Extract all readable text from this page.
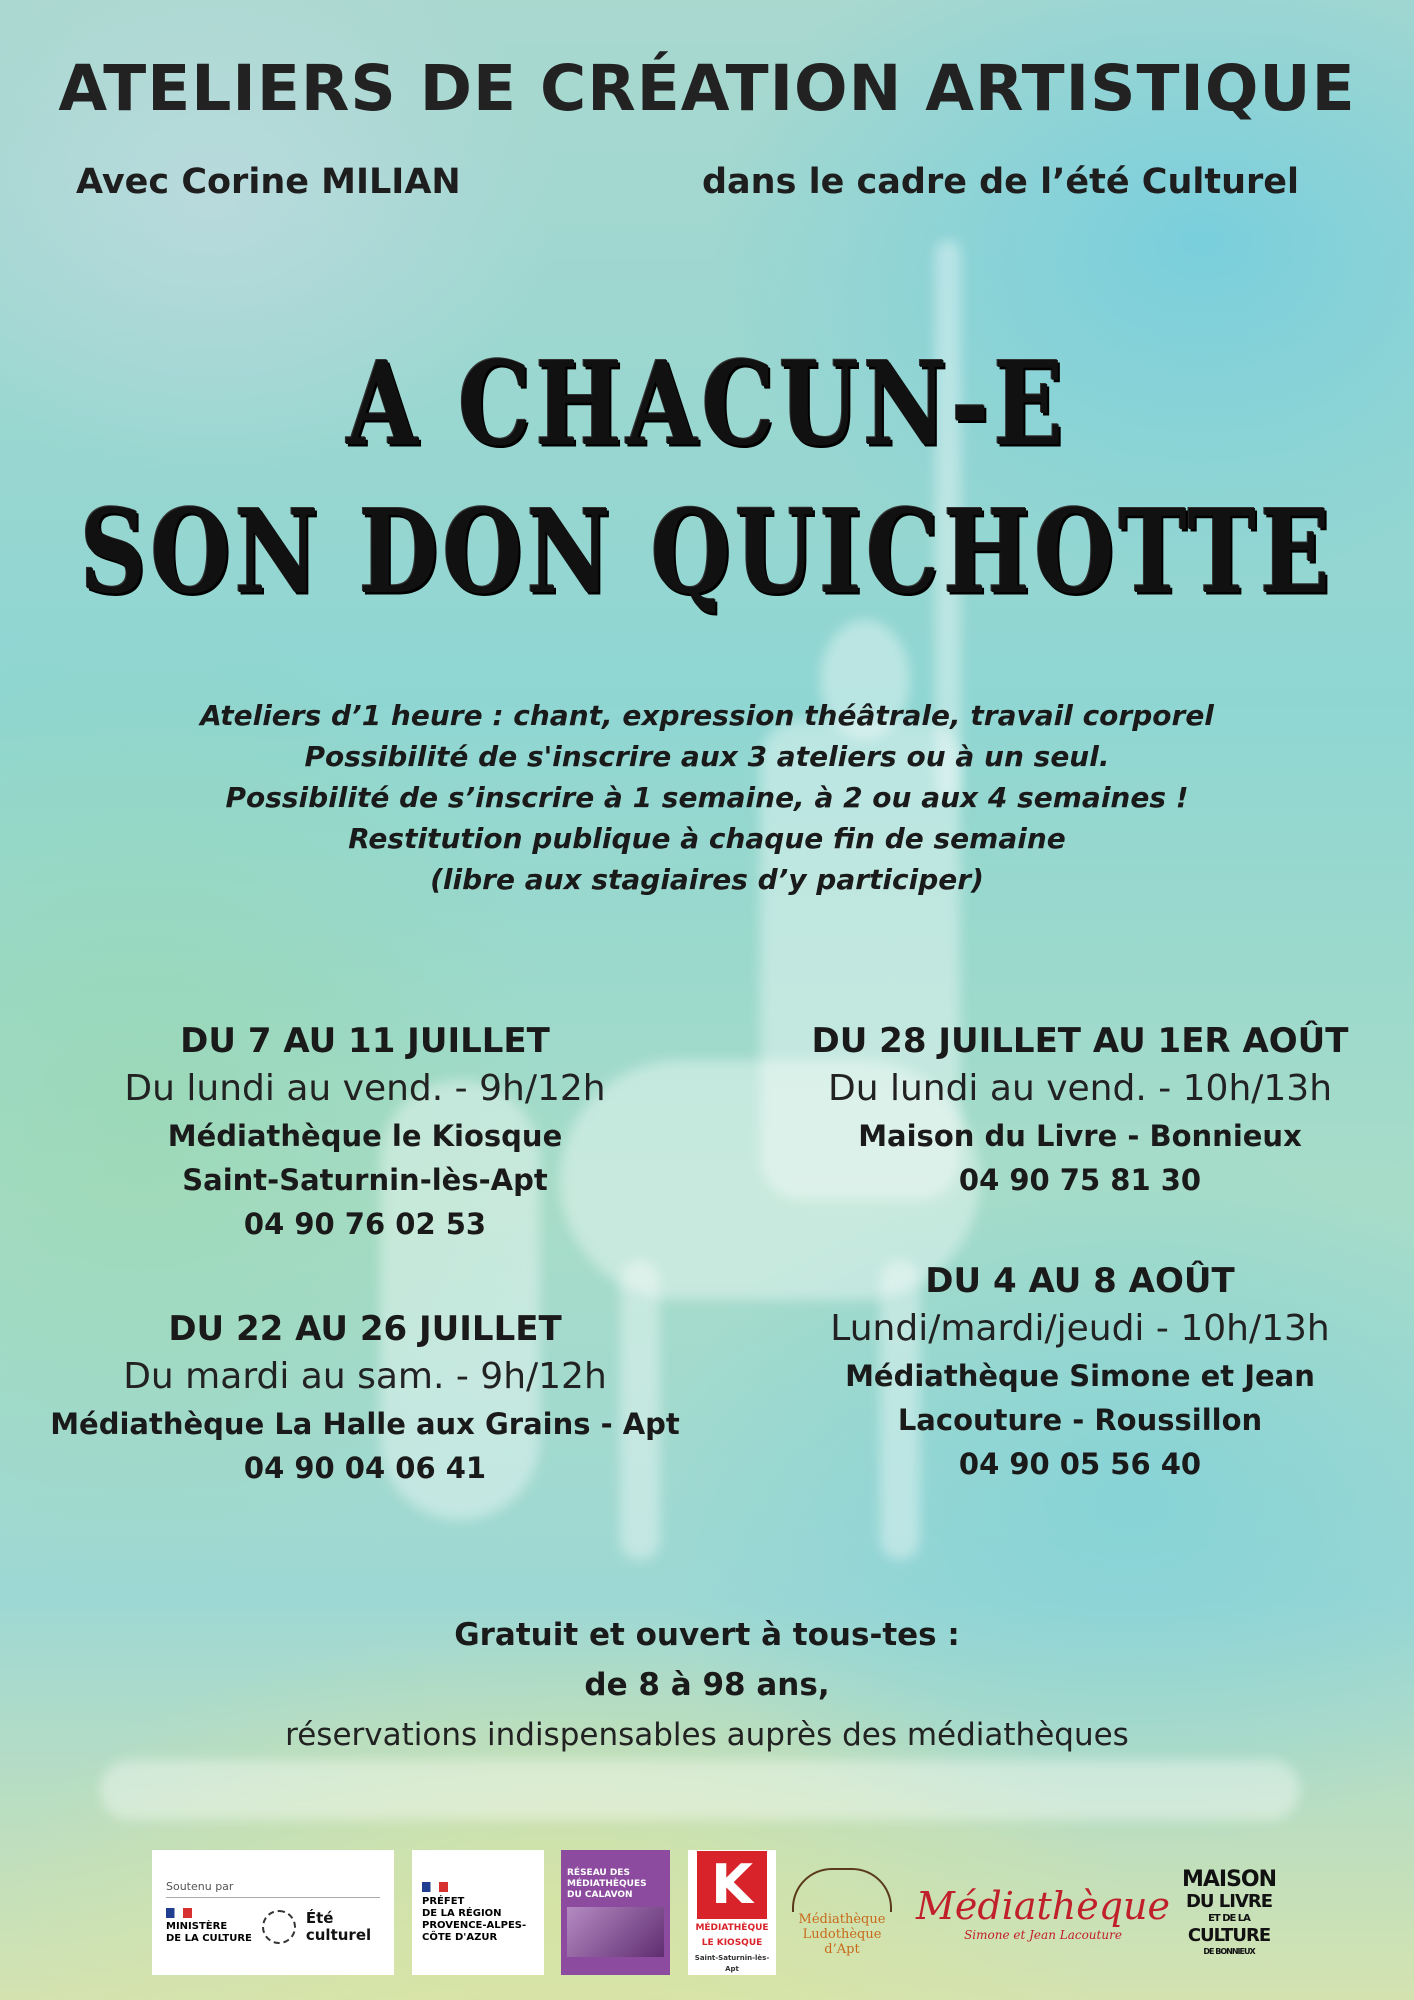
ATELIERS DE CRÉATION ARTISTIQUE
Avec Corine MILIAN	dans le cadre de l’été Culturel
A CHACUN-E
SON DON QUICHOTTE
Ateliers d’1 heure : chant, expression théâtrale, travail corporel
Possibilité de s'inscrire aux 3 ateliers ou à un seul.
Possibilité de s’inscrire à 1 semaine, à 2 ou aux 4 semaines !
Restitution publique à chaque fin de semaine
(libre aux stagiaires d’y participer)
DU 7 AU 11 JUILLET
Du lundi au vend. - 9h/12h
Médiathèque le Kiosque
Saint-Saturnin-lès-Apt
04 90 76 02 53
DU 22 AU 26 JUILLET
Du mardi au sam. - 9h/12h
Médiathèque La Halle aux Grains - Apt
04 90 04 06 41
DU 28 JUILLET AU 1ER AOÛT
Du lundi au vend. - 10h/13h
Maison du Livre - Bonnieux
04 90 75 81 30
DU 4 AU 8 AOÛT
Lundi/mardi/jeudi - 10h/13h
Médiathèque Simone et Jean
Lacouture - Roussillon
04 90 05 56 40
Gratuit et ouvert à tous-tes :
de 8 à 98 ans,
réservations indispensables auprès des médiathèques
Soutenu par
MINISTÈRE
DE LA CULTURE
Été
culturel
PRÉFET
DE LA RÉGION
PROVENCE-ALPES-
CÔTE D'AZUR
RÉSEAU DES
MÉDIATHÈQUES
DU CALAVON	K
MÉDIATHÈQUE
LE KIOSQUE
Saint-Saturnin-lès-Apt
Médiathèque
Ludothèque
d’Apt
Médiathèque
Simone et Jean Lacouture
MAISON
DU LIVRE
ET DE LA
CULTURE
DE BONNIEUX
